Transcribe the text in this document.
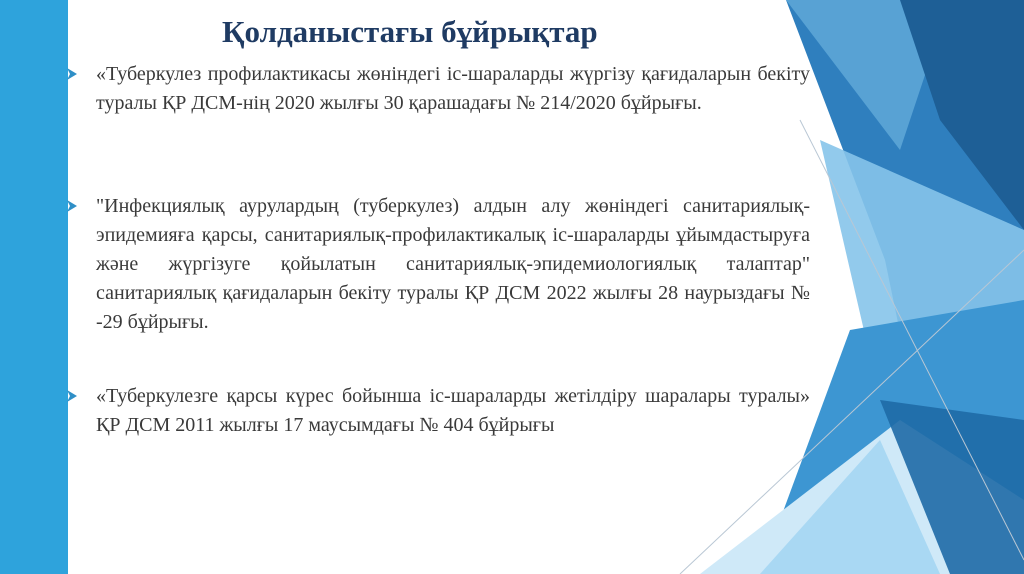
Қолданыстағы бұйрықтар
«Туберкулез профилактикасы жөніндегі іс-шараларды жүргізу қағидаларын бекіту туралы ҚР ДСМ-нің 2020 жылғы 30 қарашадағы № 214/2020 бұйрығы.
"Инфекциялық аурулардың (туберкулез) алдын алу жөніндегі санитариялық-эпидемияға қарсы, санитариялық-профилактикалық іс-шараларды ұйымдастыруға және жүргізуге қойылатын санитариялық-эпидемиологиялық талаптар" санитариялық қағидаларын бекіту туралы ҚР ДСМ 2022 жылғы 28 наурыздағы № -29 бұйрығы.
«Туберкулезге қарсы күрес бойынша іс-шараларды жетілдіру шаралары туралы» ҚР ДСМ 2011 жылғы 17 маусымдағы № 404 бұйрығы
